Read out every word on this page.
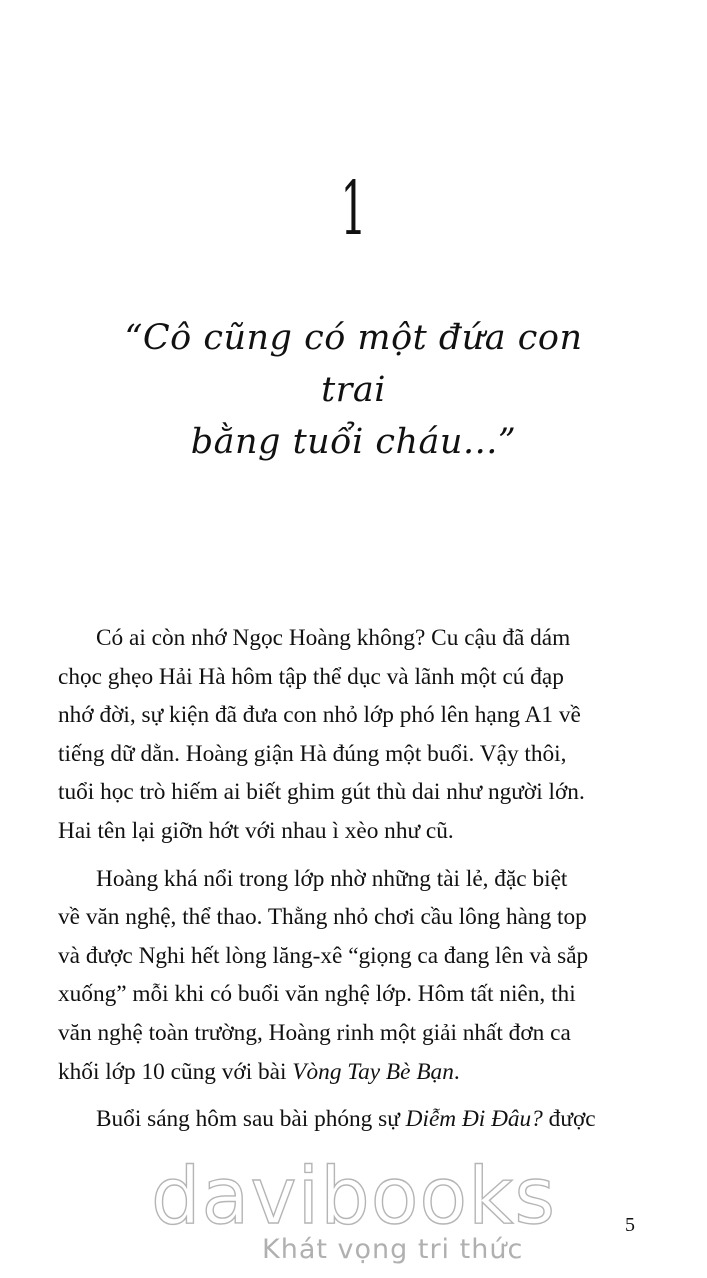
1
“Cô cũng có một đứa con trai
bằng tuổi cháu...”

Có ai còn nhớ Ngọc Hoàng không? Cu cậu đã dám
chọc ghẹo Hải Hà hôm tập thể dục và lãnh một cú đạp
nhớ đời, sự kiện đã đưa con nhỏ lớp phó lên hạng A1 về
tiếng dữ dằn. Hoàng giận Hà đúng một buổi. Vậy thôi,
tuổi học trò hiếm ai biết ghim gút thù dai như người lớn.
Hai tên lại giỡn hớt với nhau ì xèo như cũ.

Hoàng khá nổi trong lớp nhờ những tài lẻ, đặc biệt
về văn nghệ, thể thao. Thằng nhỏ chơi cầu lông hàng top
và được Nghi hết lòng lăng-xê “giọng ca đang lên và sắp
xuống” mỗi khi có buổi văn nghệ lớp. Hôm tất niên, thi
văn nghệ toàn trường, Hoàng rinh một giải nhất đơn ca
khối lớp 10 cũng với bài Vòng Tay Bè Bạn.

Buổi sáng hôm sau bài phóng sự Diễm Đi Đâu? được

davibooks
Khát vọng tri thức
5
